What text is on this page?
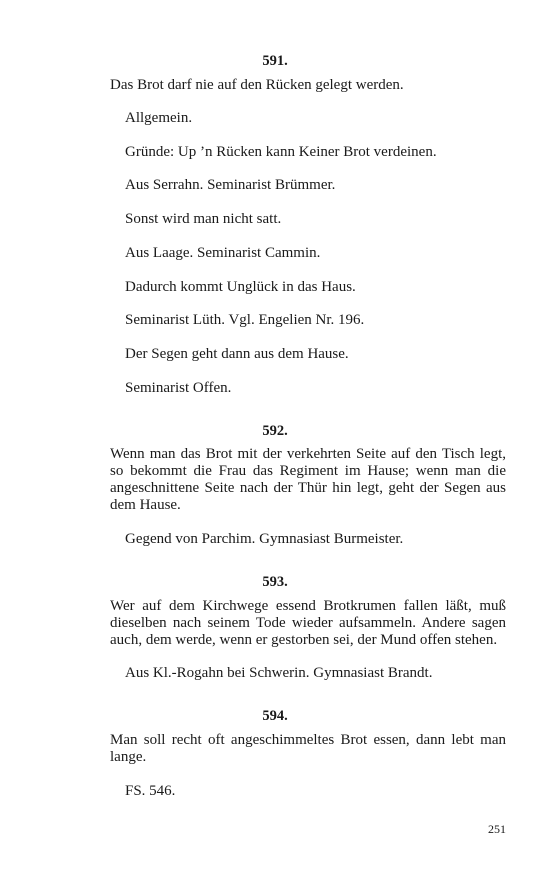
591.

Das Brot darf nie auf den Rücken gelegt werden.

Allgemein.

Gründe: Up ’n Rücken kann Keiner Brot verdeinen.

Aus Serrahn. Seminarist Brümmer.

Sonst wird man nicht satt.

Aus Laage. Seminarist Cammin.

Dadurch kommt Unglück in das Haus.

Seminarist Lüth. Vgl. Engelien Nr. 196.

Der Segen geht dann aus dem Hause.

Seminarist Offen.

592.

Wenn man das Brot mit der verkehrten Seite auf den Tisch legt, so bekommt die Frau das Regiment im Hause; wenn man die angeschnittene Seite nach der Thür hin legt, geht der Segen aus dem Hause.

Gegend von Parchim. Gymnasiast Burmeister.

593.

Wer auf dem Kirchwege essend Brotkrumen fallen läßt, muß dieselben nach seinem Tode wieder aufsammeln. Andere sagen auch, dem werde, wenn er gestorben sei, der Mund offen stehen.

Aus Kl.-Rogahn bei Schwerin. Gymnasiast Brandt.

594.

Man soll recht oft angeschimmeltes Brot essen, dann lebt man lange.

FS. 546.

251
